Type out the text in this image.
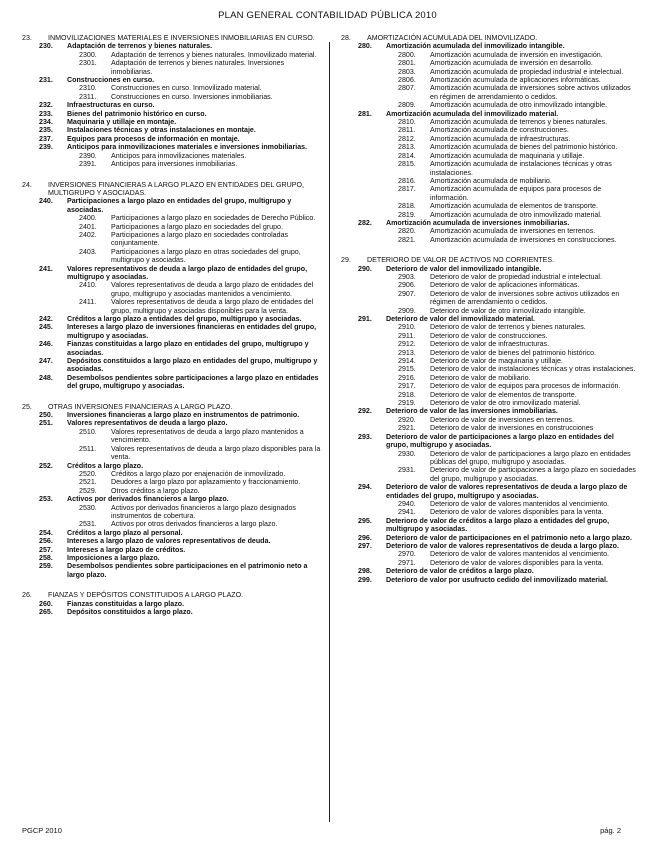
PLAN GENERAL CONTABILIDAD PÚBLICA 2010
23.	INMOVILIZACIONES MATERIALES E INVERSIONES INMOBILIARIAS EN CURSO.
230.	Adaptación de terrenos y bienes naturales.
2300.	Adaptación de terrenos y bienes naturales. Inmovilizado material.
2301.	Adaptación de terrenos y bienes naturales. Inversiones inmobiliarias.
231.	Construcciones en curso.
2310.	Construcciones en curso. Inmovilizado material.
2311.	Construcciones en curso. Inversiones inmobiliarias.
232.	Infraestructuras en curso.
233.	Bienes del patrimonio histórico en curso.
234.	Maquinaria y utillaje en montaje.
235.	Instalaciones técnicas y otras instalaciones en montaje.
237.	Equipos para procesos de información en montaje.
239.	Anticipos para inmovilizaciones materiales e inversiones inmobiliarias.
2390.	Anticipos para inmovilizaciones materiales.
2391.	Anticipos para inversiones inmobiliarias.
24.	INVERSIONES FINANCIERAS A LARGO PLAZO EN ENTIDADES DEL GRUPO, MULTIGRUPO Y ASOCIADAS.
240.	Participaciones a largo plazo en entidades del grupo, multigrupo y asociadas.
2400.	Participaciones a largo plazo en sociedades de Derecho Público.
2401.	Participaciones a largo plazo en sociedades del grupo.
2402.	Participaciones a largo plazo en sociedades controladas conjuntamente.
2403.	Participaciones a largo plazo en otras sociedades del grupo, multigrupo y asociadas.
241.	Valores representativos de deuda a largo plazo de entidades del grupo, multigrupo y asociadas.
2410.	Valores representativos de deuda a largo plazo de entidades del grupo, multigrupo y asociadas mantenidos a vencimiento.
2411.	Valores representativos de deuda a largo plazo de entidades del grupo, multigrupo y asociadas disponibles para la venta.
242.	Créditos a largo plazo a entidades del grupo, multigrupo y asociadas.
245.	Intereses a largo plazo de inversiones financieras en entidades del grupo, multigrupo y asociadas.
246.	Fianzas constituidas a largo plazo en entidades del grupo, multigrupo y asociadas.
247.	Depósitos constituidos a largo plazo en entidades del grupo, multigrupo y asociadas.
248.	Desembolsos pendientes sobre participaciones a largo plazo en entidades del grupo, multigrupo y asociadas.
25.	OTRAS INVERSIONES FINANCIERAS A LARGO PLAZO.
250.	Inversiones financieras a largo plazo en instrumentos de patrimonio.
251.	Valores representativos de deuda a largo plazo.
2510.	Valores representativos de deuda a largo plazo mantenidos a vencimiento.
2511.	Valores representativos de deuda a largo plazo disponibles para la venta.
252.	Créditos a largo plazo.
2520.	Créditos a largo plazo por enajenación de inmovilizado.
2521.	Deudores a largo plazo por aplazamiento y fraccionamiento.
2529.	Otros créditos a largo plazo.
253.	Activos por derivados financieros a largo plazo.
2530.	Activos por derivados financieros a largo plazo designados instrumentos de cobertura.
2531.	Activos por otros derivados financieros a largo plazo.
254.	Créditos a largo plazo al personal.
256.	Intereses a largo plazo de valores representativos de deuda.
257.	Intereses a largo plazo de créditos.
258.	Imposiciones a largo plazo.
259.	Desembolsos pendientes sobre participaciones en el patrimonio neto a largo plazo.
26.	FIANZAS Y DEPÓSITOS CONSTITUIDOS A LARGO PLAZO.
260.	Fianzas constituidas a largo plazo.
265.	Depósitos constituidos a largo plazo.
28.	AMORTIZACIÓN ACUMULADA DEL INMOVILIZADO.
280.	Amortización acumulada del inmovilizado intangible.
2800.	Amortización acumulada de inversión en investigación.
2801.	Amortización acumulada de inversión en desarrollo.
2803.	Amortización acumulada de propiedad industrial e intelectual.
2806.	Amortización acumulada de aplicaciones informáticas.
2807.	Amortización acumulada de inversiones sobre activos utilizados en régimen de arrendamiento o cedidos.
2809.	Amortización acumulada de otro inmovilizado intangible.
281.	Amortización acumulada del inmovilizado material.
2810.	Amortización acumulada de terrenos y bienes naturales.
2811.	Amortización acumulada de construcciones.
2812.	Amortización acumulada de infraestructuras.
2813.	Amortización acumulada de bienes del patrimonio histórico.
2814.	Amortización acumulada de maquinaria y utillaje.
2815.	Amortización acumulada de instalaciones técnicas y otras instalaciones.
2816.	Amortización acumulada de mobiliario.
2817.	Amortización acumulada de equipos para procesos de información.
2818.	Amortización acumulada de elementos de transporte.
2819.	Amortización acumulada de otro inmovilizado material.
282.	Amortización acumulada de inversiones inmobiliarias.
2820.	Amortización acumulada de inversiones en terrenos.
2821.	Amortización acumulada de inversiones en construcciones.
29.	DETERIORO DE VALOR DE ACTIVOS NO CORRIENTES.
290.	Deterioro de valor del inmovilizado intangible.
2903.	Deterioro de valor de propiedad industrial e intelectual.
2906.	Deterioro de valor de aplicaciones informáticas.
2907.	Deterioro de valor de inversiones sobre activos utilizados en régimen de arrendamiento o cedidos.
2909.	Deterioro de valor de otro inmovilizado intangible.
291.	Deterioro de valor del inmovilizado material.
2910.	Deterioro de valor de terrenos y bienes naturales.
2911.	Deterioro de valor de construcciones.
2912.	Deterioro de valor de infraestructuras.
2913.	Deterioro de valor de bienes del patrimonio histórico.
2914.	Deterioro de valor de maquinaria y utillaje.
2915.	Deterioro de valor de instalaciones técnicas y otras instalaciones.
2916.	Deterioro de valor de mobiliario.
2917.	Deterioro de valor de equipos para procesos de información.
2918.	Deterioro de valor de elementos de transporte.
2919.	Deterioro de valor de otro inmovilizado material.
292.	Deterioro de valor de las inversiones inmobiliarias.
2920.	Deterioro de valor de inversiones en terrenos.
2921.	Deterioro de valor de inversiones en construcciones
293.	Deterioro de valor de participaciones a largo plazo en entidades del grupo, multigrupo y asociadas.
2930.	Deterioro de valor de participaciones a largo plazo en entidades públicas del grupo, multigrupo y asociadas.
2931.	Deterioro de valor de participaciones a largo plazo en sociedades del grupo, multigrupo y asociadas.
294.	Deterioro de valor de valores representativos de deuda a largo plazo de entidades del grupo, multigrupo y asociadas.
2940.	Deterioro de valor de valores mantenidos al vencimiento.
2941.	Deterioro de valor de valores disponibles para la venta.
295.	Deterioro de valor de créditos a largo plazo a entidades del grupo, multigrupo y asociadas.
296.	Deterioro de valor de participaciones en el patrimonio neto a largo plazo.
297.	Deterioro de valor de valores representativos de deuda a largo plazo.
2970.	Deterioro de valor de valores mantenidos al vencimiento.
2971.	Deterioro de valor de valores disponibles para la venta.
298.	Deterioro de valor de créditos a largo plazo.
299.	Deterioro de valor por usufructo cedido del inmovilizado material.
PGCP 2010	pág. 2
